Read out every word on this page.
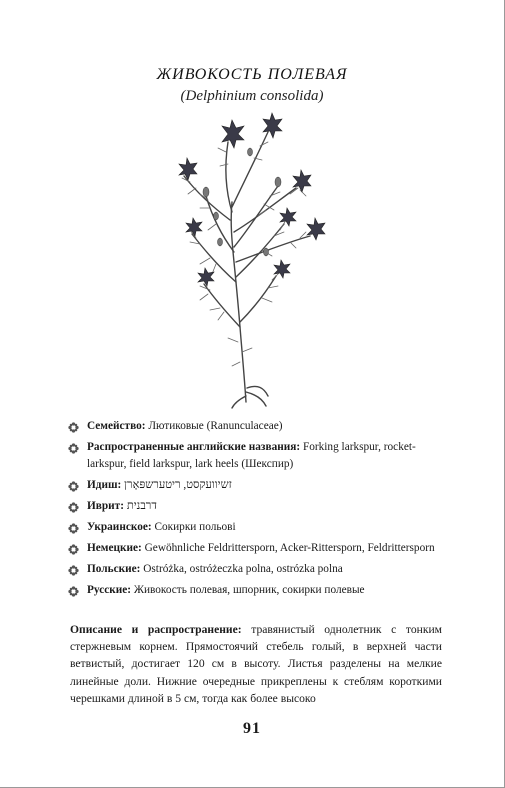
ЖИВОКОСТЬ ПОЛЕВАЯ
(Delphinium consolida)
Семейство: Лютиковые (Ranunculaceae)
Распространенные английские названия: Forking larkspur, rocket-larkspur, field larkspur, lark heels (Шекспир)
Идиш: זשיוועקסט, ריטערשפּאָרן
Иврит: דרבנית
Украинское: Сокирки польові
Немецкие: Gewöhnliche Feldrittersporn, Acker-Rittersporn, Feldrittersporn
Польские: Ostróżka, ostróżeczka polna, ostrózka polna
Русские: Живокость полевая, шпорник, сокирки полевые

Описание и распространение: травянистый однолетник с тонким стержневым корнем. Прямостоячий стебель голый, в верхней части ветвистый, достигает 120 см в высоту. Листья разделены на мелкие линейные доли. Нижние очередные прикреплены к стеблям короткими черешками длиной в 5 см, тогда как более высоко

91
